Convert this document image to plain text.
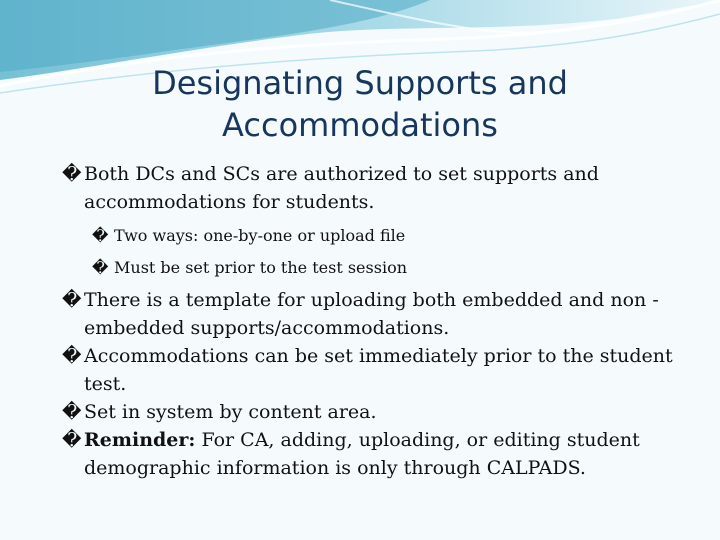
Designating Supports and
Accommodations
� Both DCs and SCs are authorized to set supports and accommodations for students.
� Two ways: one-by-one or upload file
� Must be set prior to the test session
� There is a template for uploading both embedded and non -embedded supports/accommodations.
� Accommodations can be set immediately prior to the student test.
� Set in system by content area.
� Reminder: For CA, adding, uploading, or editing student demographic information is only through CALPADS.
